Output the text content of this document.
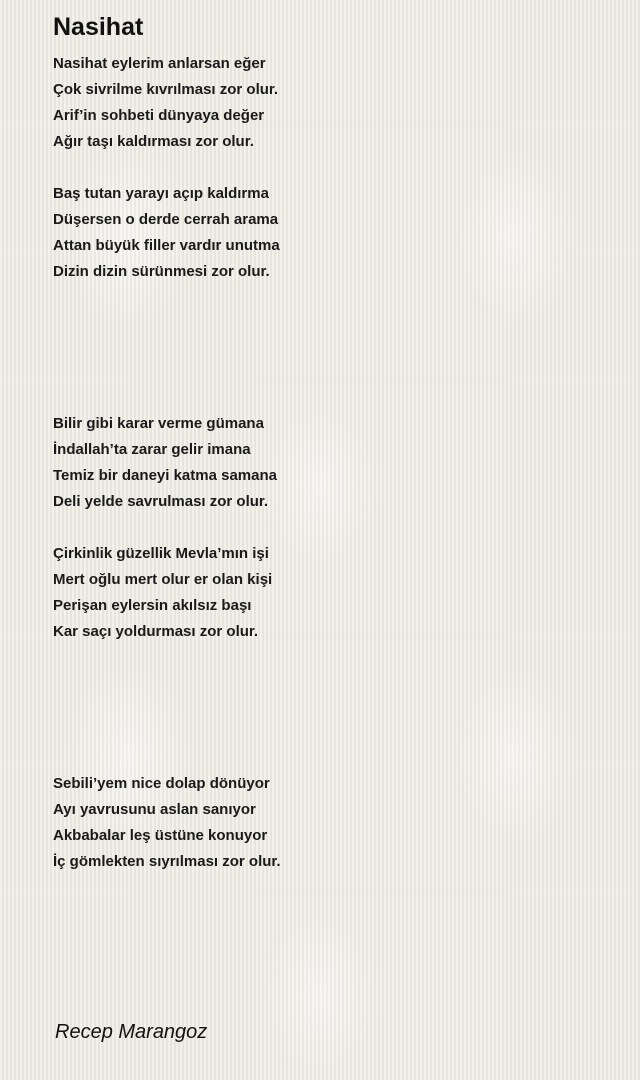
Nasihat
Nasihat eylerim anlarsan eğer
Çok sivrilme kıvrılması zor olur.
Arif’in sohbeti dünyaya değer
Ağır taşı kaldırması zor olur.
Baş tutan yarayı açıp kaldırma
Düşersen o derde cerrah arama
Attan büyük filler vardır unutma
Dizin dizin sürünmesi zor olur.
Bilir gibi karar verme gümana
İndallah’ta zarar gelir imana
Temiz bir daneyi katma samana
Deli yelde savrulması zor olur.
Çirkinlik güzellik Mevla’mın işi
Mert oğlu mert olur er olan kişi
Perişan eylersin akılsız başı
Kar saçı yoldurması zor olur.
Sebili’yem nice dolap dönüyor
Ayı yavrusunu aslan sanıyor
Akbabalar leş üstüne konuyor
İç gömlekten sıyrılması zor olur.
Recep Marangoz
